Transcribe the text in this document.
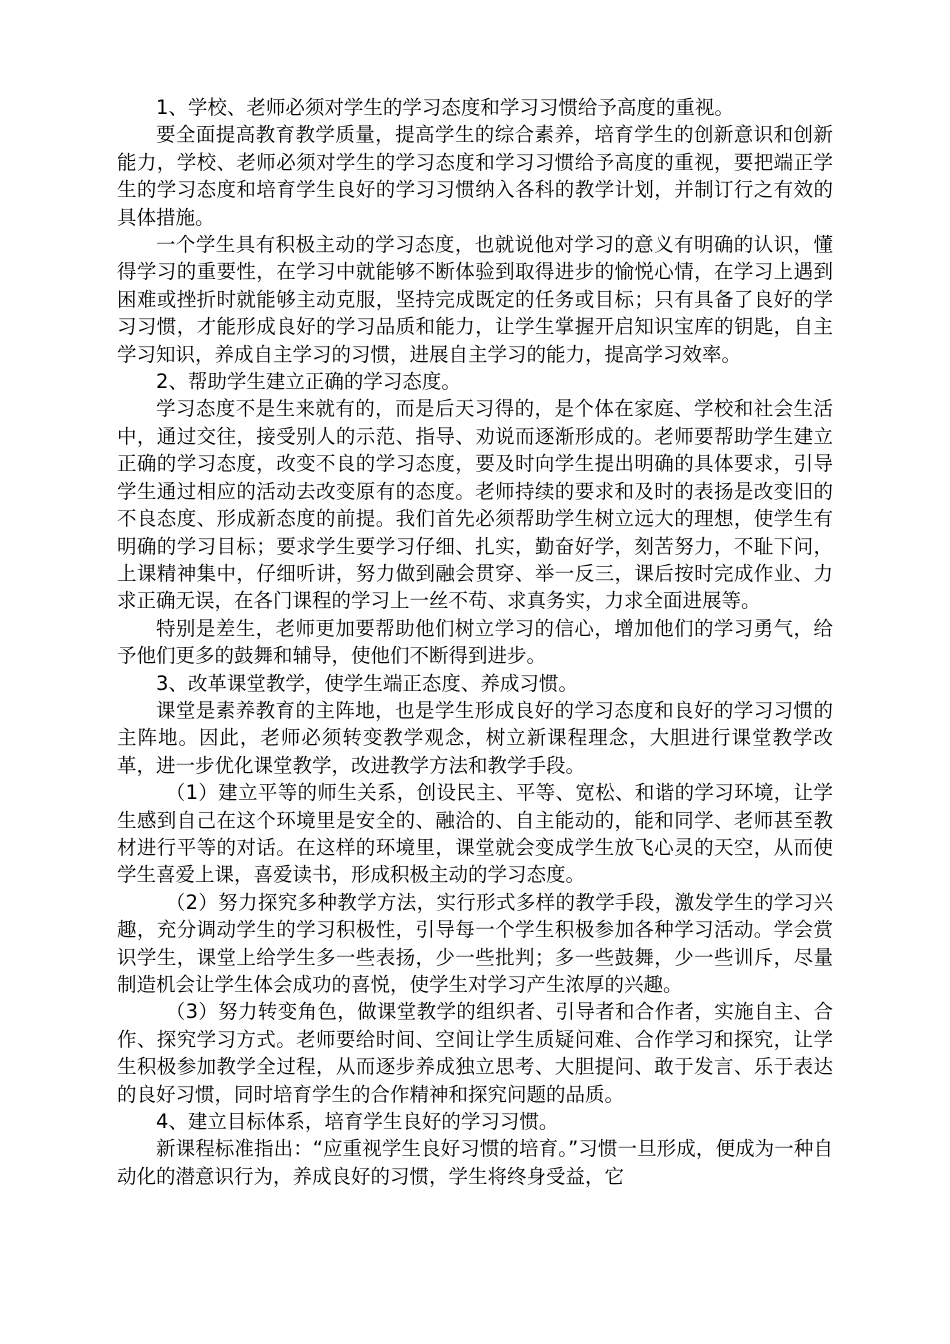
1、学校、老师必须对学生的学习态度和学习习惯给予高度的重视。

要全面提高教育教学质量，提高学生的综合素养，培育学生的创新意识和创新能力，学校、老师必须对学生的学习态度和学习习惯给予高度的重视，要把端正学生的学习态度和培育学生良好的学习习惯纳入各科的教学计划，并制订行之有效的具体措施。

一个学生具有积极主动的学习态度，也就说他对学习的意义有明确的认识，懂得学习的重要性，在学习中就能够不断体验到取得进步的愉悦心情，在学习上遇到困难或挫折时就能够主动克服，坚持完成既定的任务或目标；只有具备了良好的学习习惯，才能形成良好的学习品质和能力，让学生掌握开启知识宝库的钥匙，自主学习知识，养成自主学习的习惯，进展自主学习的能力，提高学习效率。

2、帮助学生建立正确的学习态度。

学习态度不是生来就有的，而是后天习得的，是个体在家庭、学校和社会生活中，通过交往，接受别人的示范、指导、劝说而逐渐形成的。老师要帮助学生建立正确的学习态度，改变不良的学习态度，要及时向学生提出明确的具体要求，引导学生通过相应的活动去改变原有的态度。老师持续的要求和及时的表扬是改变旧的不良态度、形成新态度的前提。我们首先必须帮助学生树立远大的理想，使学生有明确的学习目标；要求学生要学习仔细、扎实，勤奋好学，刻苦努力，不耻下问，上课精神集中，仔细听讲，努力做到融会贯穿、举一反三，课后按时完成作业、力求正确无误，在各门课程的学习上一丝不苟、求真务实，力求全面进展等。

特别是差生，老师更加要帮助他们树立学习的信心，增加他们的学习勇气，给予他们更多的鼓舞和辅导，使他们不断得到进步。

3、改革课堂教学，使学生端正态度、养成习惯。

课堂是素养教育的主阵地，也是学生形成良好的学习态度和良好的学习习惯的主阵地。因此，老师必须转变教学观念，树立新课程理念，大胆进行课堂教学改革，进一步优化课堂教学，改进教学方法和教学手段。

（1）建立平等的师生关系，创设民主、平等、宽松、和谐的学习环境，让学生感到自己在这个环境里是安全的、融洽的、自主能动的，能和同学、老师甚至教材进行平等的对话。在这样的环境里，课堂就会变成学生放飞心灵的天空，从而使学生喜爱上课，喜爱读书，形成积极主动的学习态度。

（2）努力探究多种教学方法，实行形式多样的教学手段，激发学生的学习兴趣，充分调动学生的学习积极性，引导每一个学生积极参加各种学习活动。学会赏识学生，课堂上给学生多一些表扬，少一些批判；多一些鼓舞，少一些训斥，尽量制造机会让学生体会成功的喜悦，使学生对学习产生浓厚的兴趣。

（3）努力转变角色，做课堂教学的组织者、引导者和合作者，实施自主、合作、探究学习方式。老师要给时间、空间让学生质疑问难、合作学习和探究，让学生积极参加教学全过程，从而逐步养成独立思考、大胆提问、敢于发言、乐于表达的良好习惯，同时培育学生的合作精神和探究问题的品质。

4、建立目标体系，培育学生良好的学习习惯。

新课程标准指出：“应重视学生良好习惯的培育。”习惯一旦形成，便成为一种自动化的潜意识行为，养成良好的习惯，学生将终身受益，它
